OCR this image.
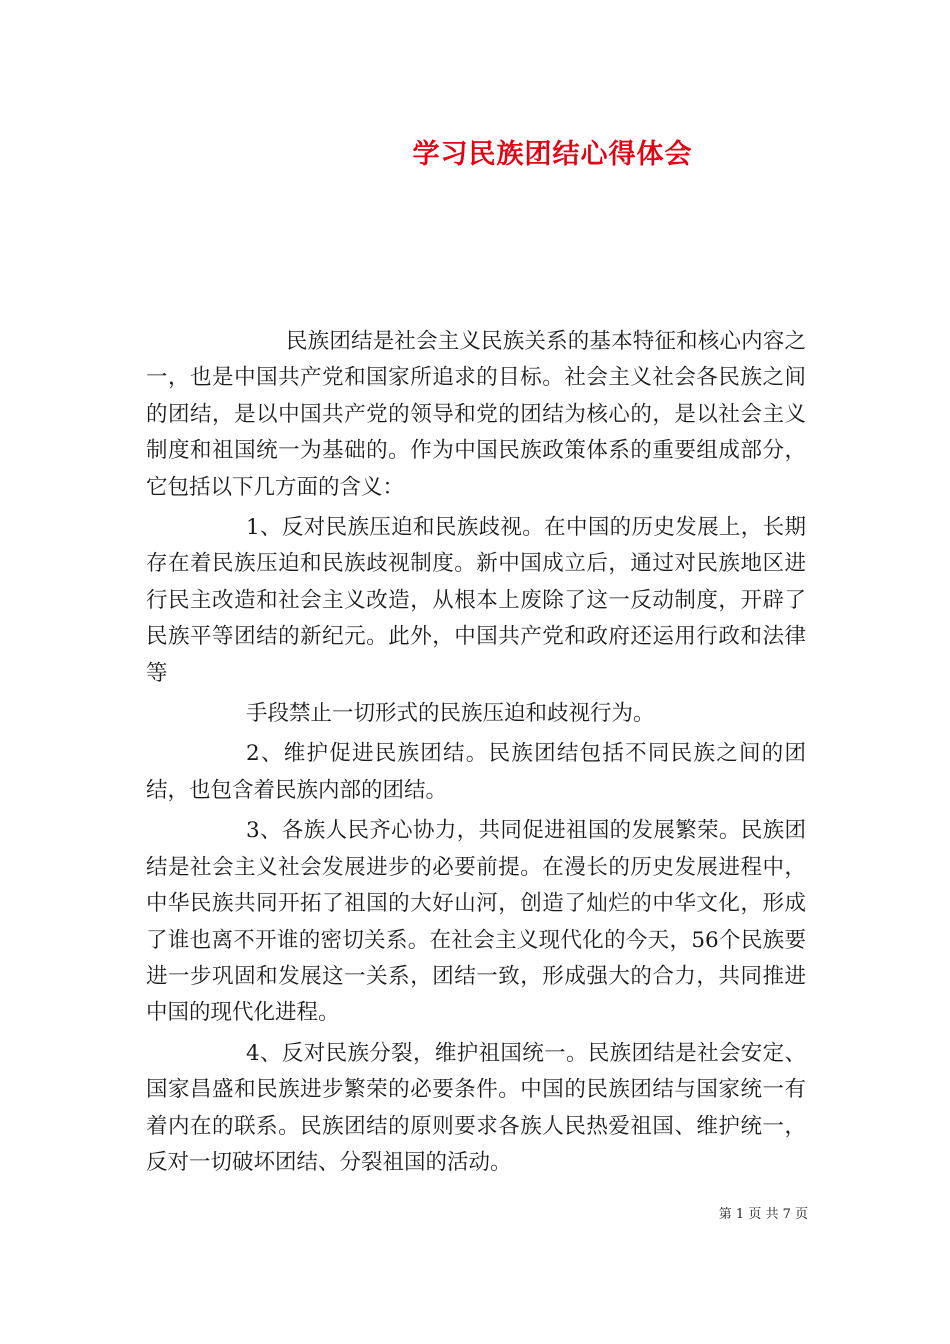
学习民族团结心得体会

民族团结是社会主义民族关系的基本特征和核心内容之一，也是中国共产党和国家所追求的目标。社会主义社会各民族之间的团结，是以中国共产党的领导和党的团结为核心的，是以社会主义制度和祖国统一为基础的。作为中国民族政策体系的重要组成部分，它包括以下几方面的含义：

1、反对民族压迫和民族歧视。在中国的历史发展上，长期存在着民族压迫和民族歧视制度。新中国成立后，通过对民族地区进行民主改造和社会主义改造，从根本上废除了这一反动制度，开辟了民族平等团结的新纪元。此外，中国共产党和政府还运用行政和法律等

手段禁止一切形式的民族压迫和歧视行为。

2、维护促进民族团结。民族团结包括不同民族之间的团结，也包含着民族内部的团结。

3、各族人民齐心协力，共同促进祖国的发展繁荣。民族团结是社会主义社会发展进步的必要前提。在漫长的历史发展进程中，中华民族共同开拓了祖国的大好山河，创造了灿烂的中华文化，形成了谁也离不开谁的密切关系。在社会主义现代化的今天，56个民族要进一步巩固和发展这一关系，团结一致，形成强大的合力，共同推进中国的现代化进程。

4、反对民族分裂，维护祖国统一。民族团结是社会安定、国家昌盛和民族进步繁荣的必要条件。中国的民族团结与国家统一有着内在的联系。民族团结的原则要求各族人民热爱祖国、维护统一，反对一切破坏团结、分裂祖国的活动。

第 1 页 共 7 页
